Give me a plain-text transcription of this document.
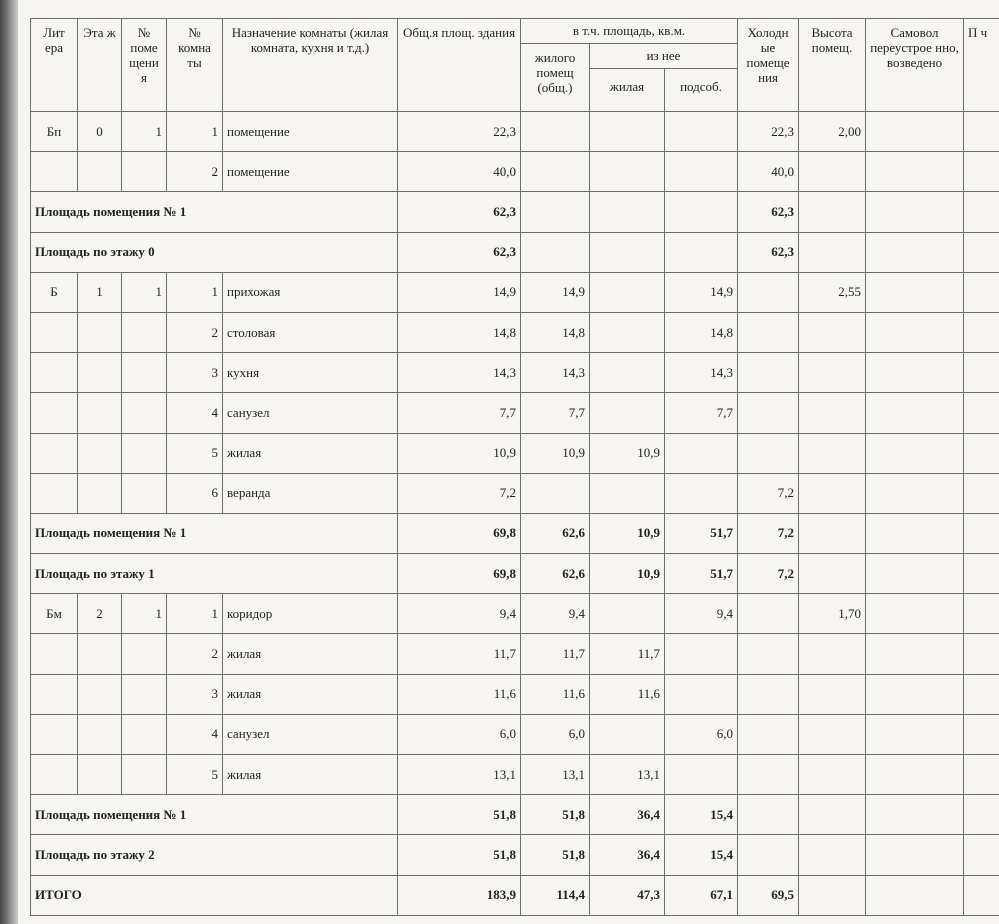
Лит ера	Эта ж	№ поме щени я	№ комна ты	Назначение комнаты (жилая комната, кухня и т.д.)	Общ.я площ. здания	в т.ч. площадь, кв.м.			Холодн ые помеще ния	Высота помещ.	Самовол переустрое нно, возведено	П ч
						жилого помещ (общ.)	из нее					
							жилая	подсоб.				
Бп	0	1	1	помещение	22,3				22,3	2,00		
			2	помещение	40,0				40,0			
Площадь помещения № 1					62,3				62,3			
Площадь по этажу 0					62,3				62,3			
Б	1	1	1	прихожая	14,9	14,9		14,9		2,55		
			2	столовая	14,8	14,8		14,8				
			3	кухня	14,3	14,3		14,3				
			4	санузел	7,7	7,7		7,7				
			5	жилая	10,9	10,9	10,9					
			6	веранда	7,2				7,2			
Площадь помещения № 1					69,8	62,6	10,9	51,7	7,2			
Площадь по этажу 1					69,8	62,6	10,9	51,7	7,2			
Бм	2	1	1	коридор	9,4	9,4		9,4		1,70		
			2	жилая	11,7	11,7	11,7					
			3	жилая	11,6	11,6	11,6					
			4	санузел	6,0	6,0		6,0				
			5	жилая	13,1	13,1	13,1					
Площадь помещения № 1					51,8	51,8	36,4	15,4				
Площадь по этажу 2					51,8	51,8	36,4	15,4				
ИТОГО					183,9	114,4	47,3	67,1	69,5			
